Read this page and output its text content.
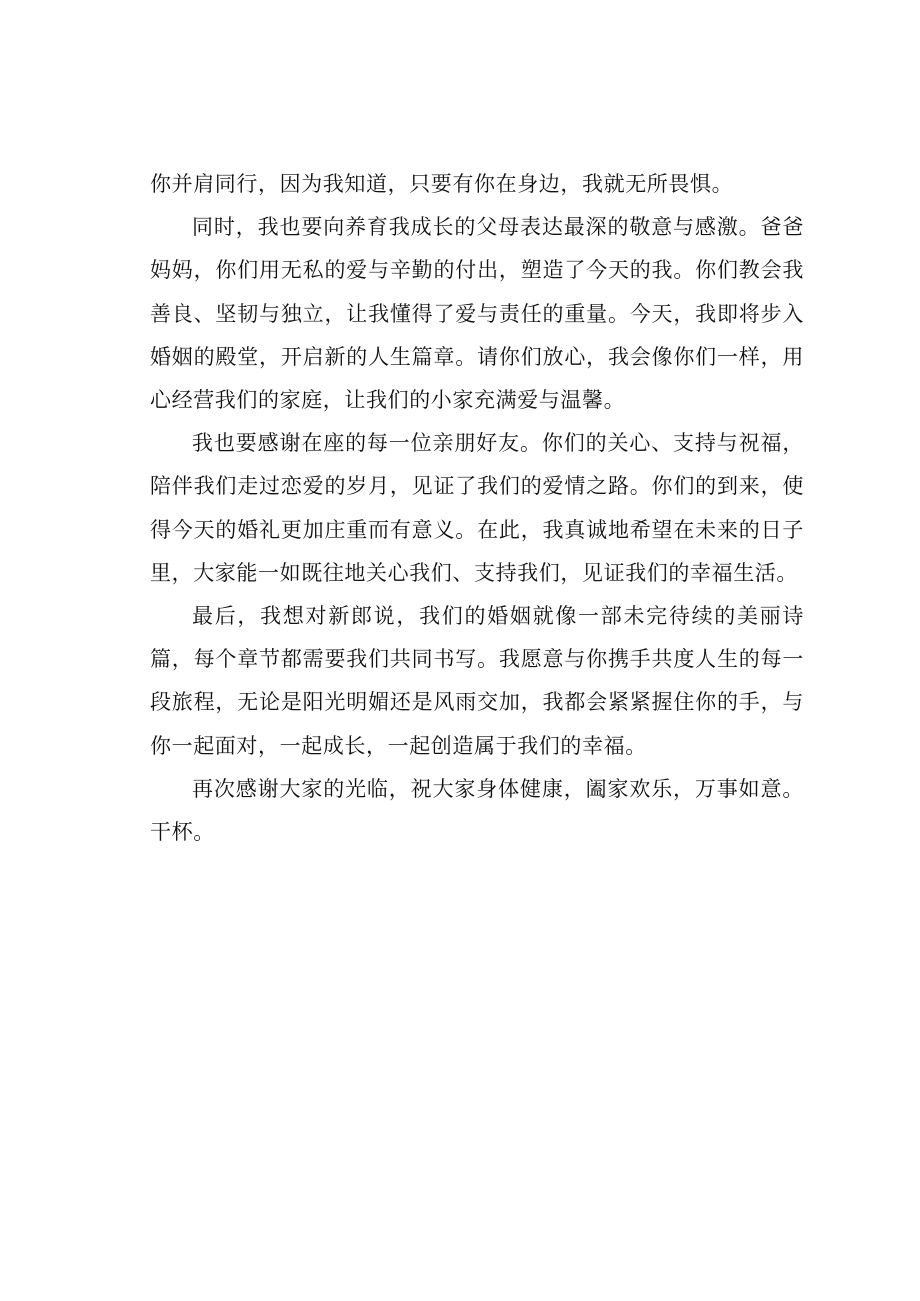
你并肩同行，因为我知道，只要有你在身边，我就无所畏惧。

同时，我也要向养育我成长的父母表达最深的敬意与感激。爸爸妈妈，你们用无私的爱与辛勤的付出，塑造了今天的我。你们教会我善良、坚韧与独立，让我懂得了爱与责任的重量。今天，我即将步入婚姻的殿堂，开启新的人生篇章。请你们放心，我会像你们一样，用心经营我们的家庭，让我们的小家充满爱与温馨。

我也要感谢在座的每一位亲朋好友。你们的关心、支持与祝福，陪伴我们走过恋爱的岁月，见证了我们的爱情之路。你们的到来，使得今天的婚礼更加庄重而有意义。在此，我真诚地希望在未来的日子里，大家能一如既往地关心我们、支持我们，见证我们的幸福生活。

最后，我想对新郎说，我们的婚姻就像一部未完待续的美丽诗篇，每个章节都需要我们共同书写。我愿意与你携手共度人生的每一段旅程，无论是阳光明媚还是风雨交加，我都会紧紧握住你的手，与你一起面对，一起成长，一起创造属于我们的幸福。

再次感谢大家的光临，祝大家身体健康，阖家欢乐，万事如意。干杯。
